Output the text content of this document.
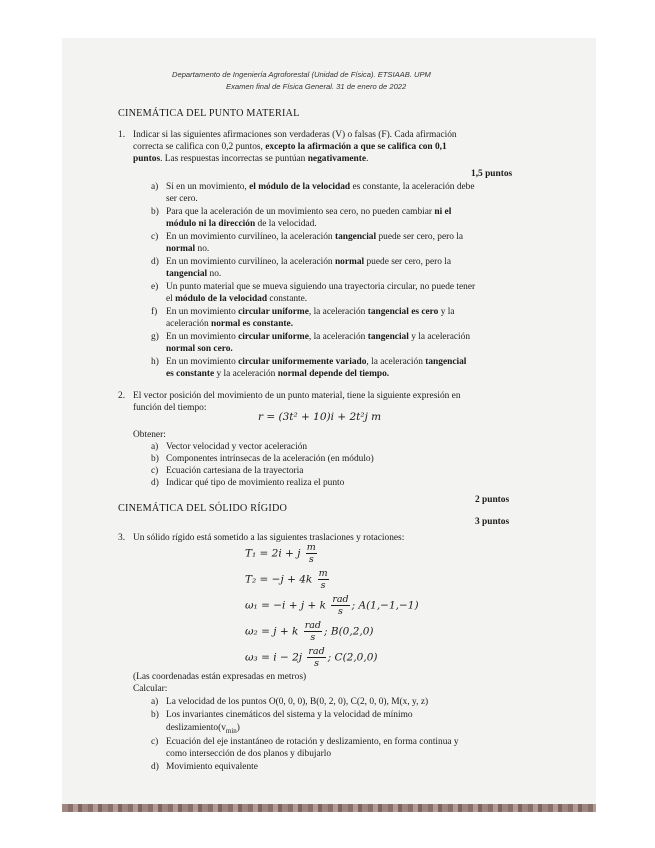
Departamento de Ingeniería Agroforestal (Unidad de Física). ETSIAAB. UPM
Examen final de Física General. 31 de enero de 2022
CINEMÁTICA DEL PUNTO MATERIAL
1. Indicar si las siguientes afirmaciones son verdaderas (V) o falsas (F). Cada afirmación
correcta se califica con 0,2 puntos, excepto la afirmación a que se califica con 0,1
puntos. Las respuestas incorrectas se puntúan negativamente.
1,5 puntos
a) Si en un movimiento, el módulo de la velocidad es constante, la aceleración debe
ser cero.
b) Para que la aceleración de un movimiento sea cero, no pueden cambiar ni el
módulo ni la dirección de la velocidad.
c) En un movimiento curvilíneo, la aceleración tangencial puede ser cero, pero la
normal no.
d) En un movimiento curvilíneo, la aceleración normal puede ser cero, pero la
tangencial no.
e) Un punto material que se mueva siguiendo una trayectoria circular, no puede tener
el módulo de la velocidad constante.
f) En un movimiento circular uniforme, la aceleración tangencial es cero y la
aceleración normal es constante.
g) En un movimiento circular uniforme, la aceleración tangencial y la aceleración
normal son cero.
h) En un movimiento circular uniformemente variado, la aceleración tangencial
es constante y la aceleración normal depende del tiempo.
2. El vector posición del movimiento de un punto material, tiene la siguiente expresión en
función del tiempo:
r = (3t² + 10)i + 2t²j m
Obtener:
a) Vector velocidad y vector aceleración
b) Componentes intrínsecas de la aceleración (en módulo)
c) Ecuación cartesiana de la trayectoria
d) Indicar qué tipo de movimiento realiza el punto
2 puntos
CINEMÁTICA DEL SÓLIDO RÍGIDO
3 puntos
3. Un sólido rígido está sometido a las siguientes traslaciones y rotaciones:
T₁ = 2i + j $\frac{m}{s}$
$T_2 = -j + 4k \frac{m}{s}$
ω₁ = −i + j + k $\frac{\text{rad}}{s}$ ; A(1,−1,−1)
ω₂ = j + k $\frac{\text{rad}}{s}$ ; B(0,2,0)
$\omega_3 = i - 2j \frac{\text{rad}}{s}$ ; C(2,0,0)
(Las coordenadas están expresadas en metros)
Calcular:
a) La velocidad de los puntos O(0, 0, 0), B(0, 2, 0), C(2, 0, 0), M(x, y, z)
b) Los invariantes cinemáticos del sistema y la velocidad de mínimo
$deslizamiento(v_{min})$
c) Ecuación del eje instantáneo de rotación y deslizamiento, en forma continua y
como intersección de dos planos y dibujarlo
d) Movimiento equivalente
